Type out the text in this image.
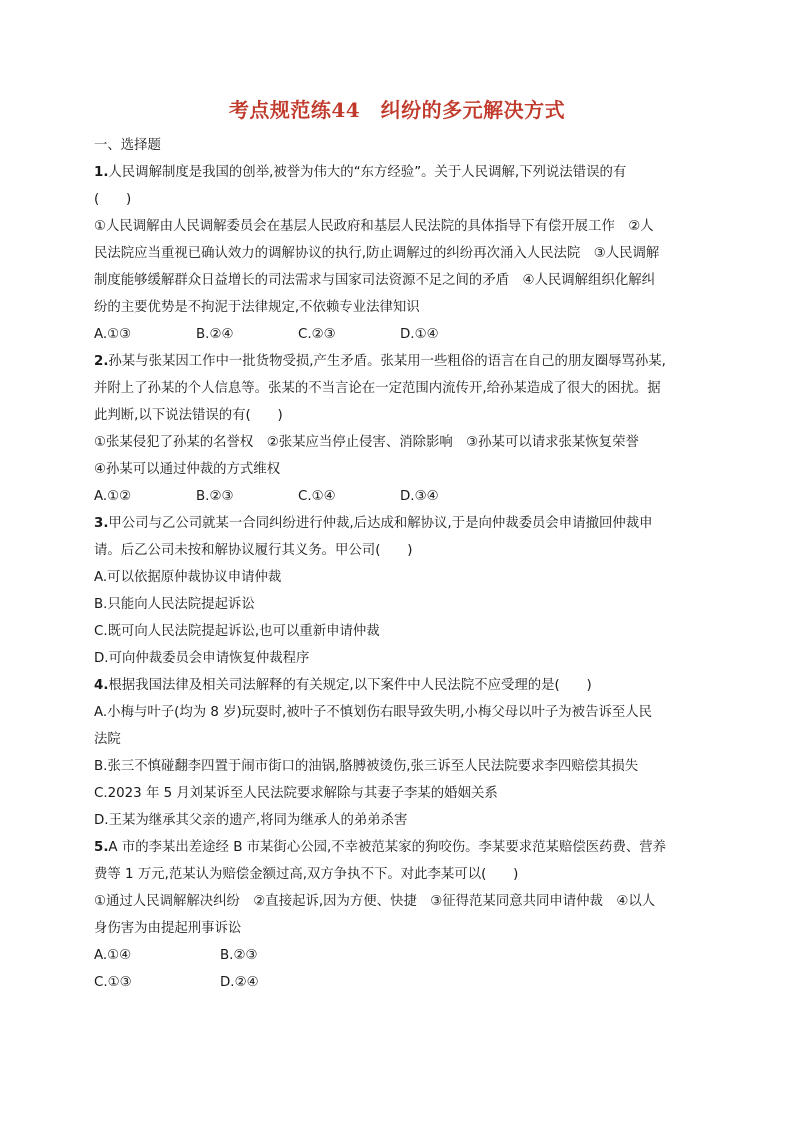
考点规范练44　纠纷的多元解决方式
一、选择题
1.人民调解制度是我国的创举,被誉为伟大的“东方经验”。关于人民调解,下列说法错误的有
(　　)
①人民调解由人民调解委员会在基层人民政府和基层人民法院的具体指导下有偿开展工作　②人
民法院应当重视已确认效力的调解协议的执行,防止调解过的纠纷再次涌入人民法院　③人民调解
制度能够缓解群众日益增长的司法需求与国家司法资源不足之间的矛盾　④人民调解组织化解纠
纷的主要优势是不拘泥于法律规定,不依赖专业法律知识
A.①③	B.②④	C.②③	D.①④
2.孙某与张某因工作中一批货物受损,产生矛盾。张某用一些粗俗的语言在自己的朋友圈辱骂孙某,
并附上了孙某的个人信息等。张某的不当言论在一定范围内流传开,给孙某造成了很大的困扰。据
此判断,以下说法错误的有(　　)
①张某侵犯了孙某的名誉权　②张某应当停止侵害、消除影响　③孙某可以请求张某恢复荣誉
④孙某可以通过仲裁的方式维权
A.①②	B.②③	C.①④	D.③④
3.甲公司与乙公司就某一合同纠纷进行仲裁,后达成和解协议,于是向仲裁委员会申请撤回仲裁申
请。后乙公司未按和解协议履行其义务。甲公司(　　)
A.可以依据原仲裁协议申请仲裁
B.只能向人民法院提起诉讼
C.既可向人民法院提起诉讼,也可以重新申请仲裁
D.可向仲裁委员会申请恢复仲裁程序
4.根据我国法律及相关司法解释的有关规定,以下案件中人民法院不应受理的是(　　)
A.小梅与叶子(均为 8 岁)玩耍时,被叶子不慎划伤右眼导致失明,小梅父母以叶子为被告诉至人民
法院
B.张三不慎碰翻李四置于闹市街口的油锅,胳膊被烫伤,张三诉至人民法院要求李四赔偿其损失
C.2023 年 5 月刘某诉至人民法院要求解除与其妻子李某的婚姻关系
D.王某为继承其父亲的遗产,将同为继承人的弟弟杀害
5.A 市的李某出差途经 B 市某街心公园,不幸被范某家的狗咬伤。李某要求范某赔偿医药费、营养
费等 1 万元,范某认为赔偿金额过高,双方争执不下。对此李某可以(　　)
①通过人民调解解决纠纷　②直接起诉,因为方便、快捷　③征得范某同意共同申请仲裁　④以人
身伤害为由提起刑事诉讼
A.①④	B.②③
C.①③	D.②④
